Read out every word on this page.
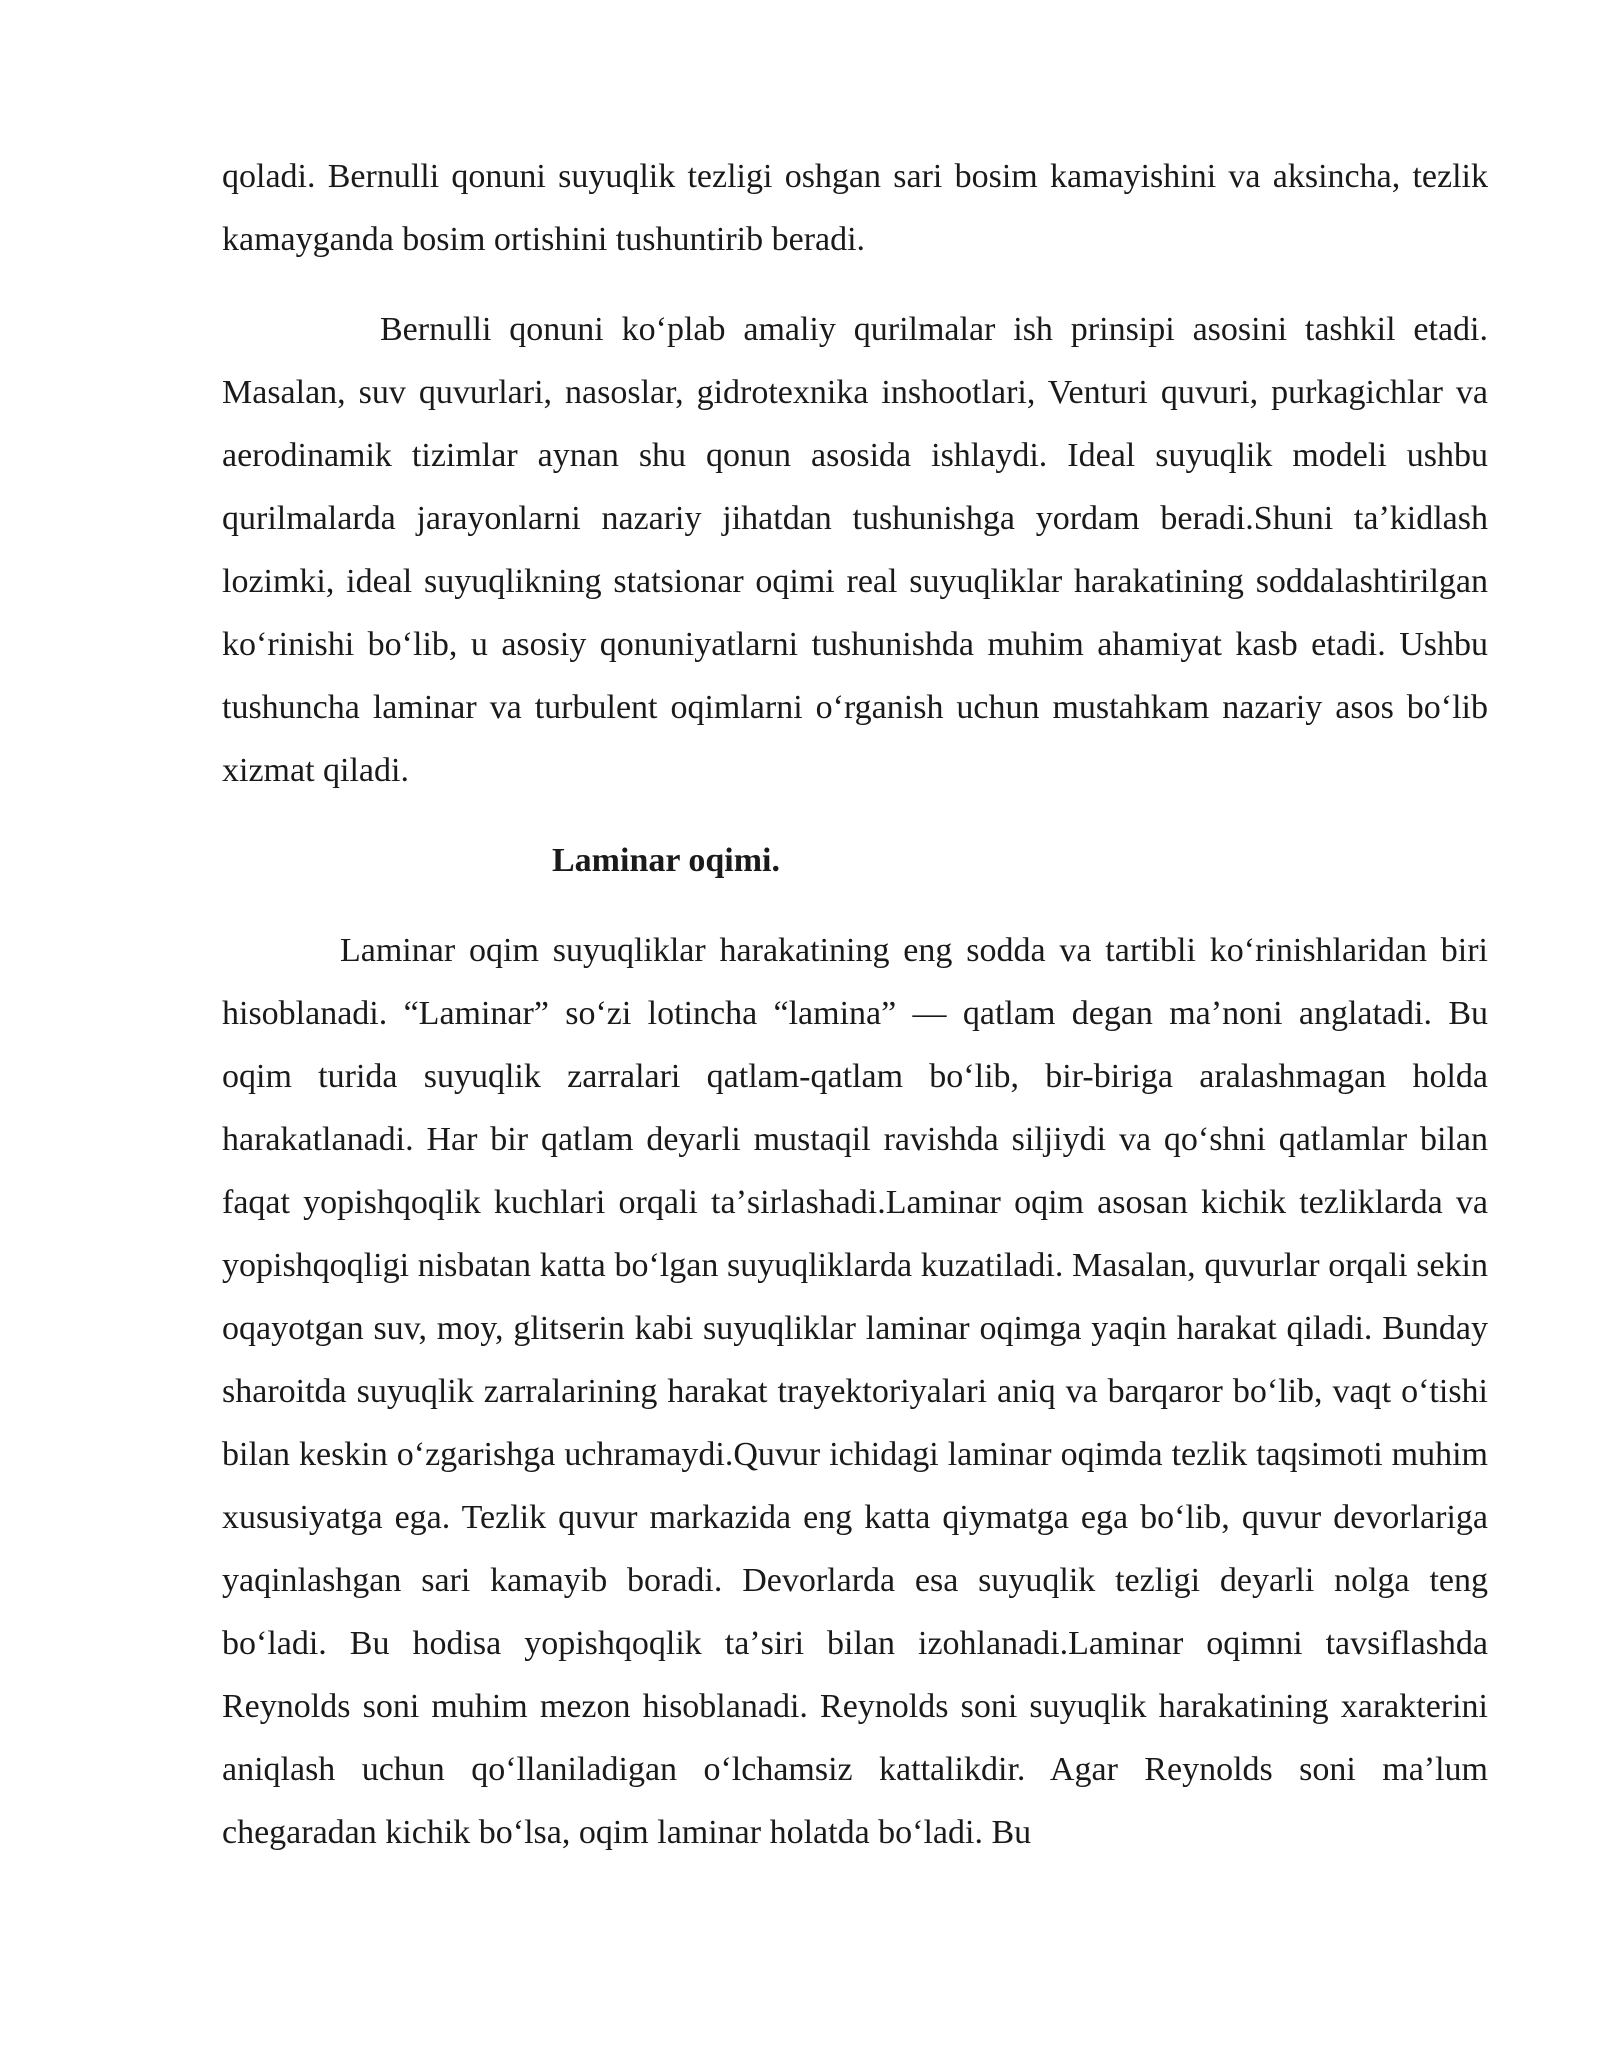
qoladi. Bernulli qonuni suyuqlik tezligi oshgan sari bosim kamayishini va aksincha, tezlik kamayganda bosim ortishini tushuntirib beradi.

Bernulli qonuni koʻplab amaliy qurilmalar ish prinsipi asosini tashkil etadi. Masalan, suv quvurlari, nasoslar, gidrotexnika inshootlari, Venturi quvuri, purkagichlar va aerodinamik tizimlar aynan shu qonun asosida ishlaydi. Ideal suyuqlik modeli ushbu qurilmalarda jarayonlarni nazariy jihatdan tushunishga yordam beradi.Shuni taʼkidlash lozimki, ideal suyuqlikning statsionar oqimi real suyuqliklar harakatining soddalashtirilgan koʻrinishi boʻlib, u asosiy qonuniyatlarni tushunishda muhim ahamiyat kasb etadi. Ushbu tushuncha laminar va turbulent oqimlarni oʻrganish uchun mustahkam nazariy asos boʻlib xizmat qiladi.

Laminar oqimi.

Laminar oqim suyuqliklar harakatining eng sodda va tartibli koʻrinishlaridan biri hisoblanadi. “Laminar” soʻzi lotincha “lamina” — qatlam degan maʼnoni anglatadi. Bu oqim turida suyuqlik zarralari qatlam-qatlam boʻlib, bir-biriga aralashmagan holda harakatlanadi. Har bir qatlam deyarli mustaqil ravishda siljiydi va qoʻshni qatlamlar bilan faqat yopishqoqlik kuchlari orqali taʼsirlashadi.Laminar oqim asosan kichik tezliklarda va yopishqoqligi nisbatan katta boʻlgan suyuqliklarda kuzatiladi. Masalan, quvurlar orqali sekin oqayotgan suv, moy, glitserin kabi suyuqliklar laminar oqimga yaqin harakat qiladi. Bunday sharoitda suyuqlik zarralarining harakat trayektoriyalari aniq va barqaror boʻlib, vaqt oʻtishi bilan keskin oʻzgarishga uchramaydi.Quvur ichidagi laminar oqimda tezlik taqsimoti muhim xususiyatga ega. Tezlik quvur markazida eng katta qiymatga ega boʻlib, quvur devorlariga yaqinlashgan sari kamayib boradi. Devorlarda esa suyuqlik tezligi deyarli nolga teng boʻladi. Bu hodisa yopishqoqlik taʼsiri bilan izohlanadi.Laminar oqimni tavsiflashda Reynolds soni muhim mezon hisoblanadi. Reynolds soni suyuqlik harakatining xarakterini aniqlash uchun qoʻllaniladigan oʻlchamsiz kattalikdir. Agar Reynolds soni maʼlum chegaradan kichik boʻlsa, oqim laminar holatda boʻladi. Bu
